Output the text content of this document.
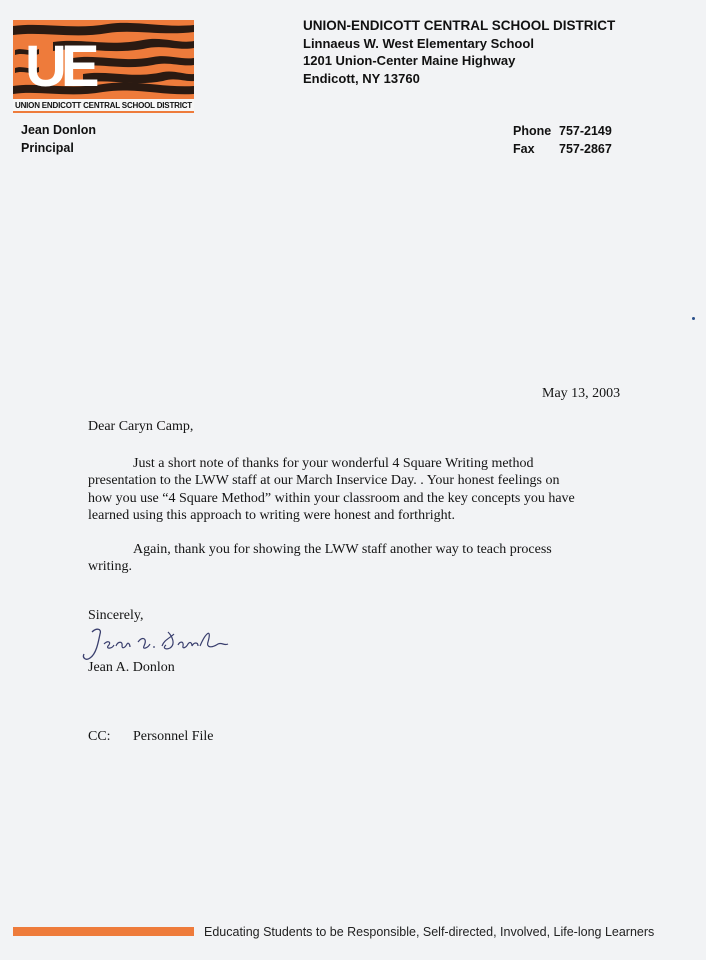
UE
UNION ENDICOTT CENTRAL SCHOOL DISTRICT
UNION-ENDICOTT CENTRAL SCHOOL DISTRICT
Linnaeus W. West Elementary School
1201 Union-Center Maine Highway
Endicott, NY 13760
Jean Donlon
Principal
Phone 757-2149
Fax 757-2867
May 13, 2003
Dear Caryn Camp,
Just a short note of thanks for your wonderful 4 Square Writing method
presentation to the LWW staff at our March Inservice Day. . Your honest feelings on
how you use “4 Square Method” within your classroom and the key concepts you have
learned using this approach to writing were honest and forthright.
Again, thank you for showing the LWW staff another way to teach process
writing.
Sincerely,
Jean A. Donlon
CC: Personnel File
Educating Students to be Responsible, Self-directed, Involved, Life-long Learners
